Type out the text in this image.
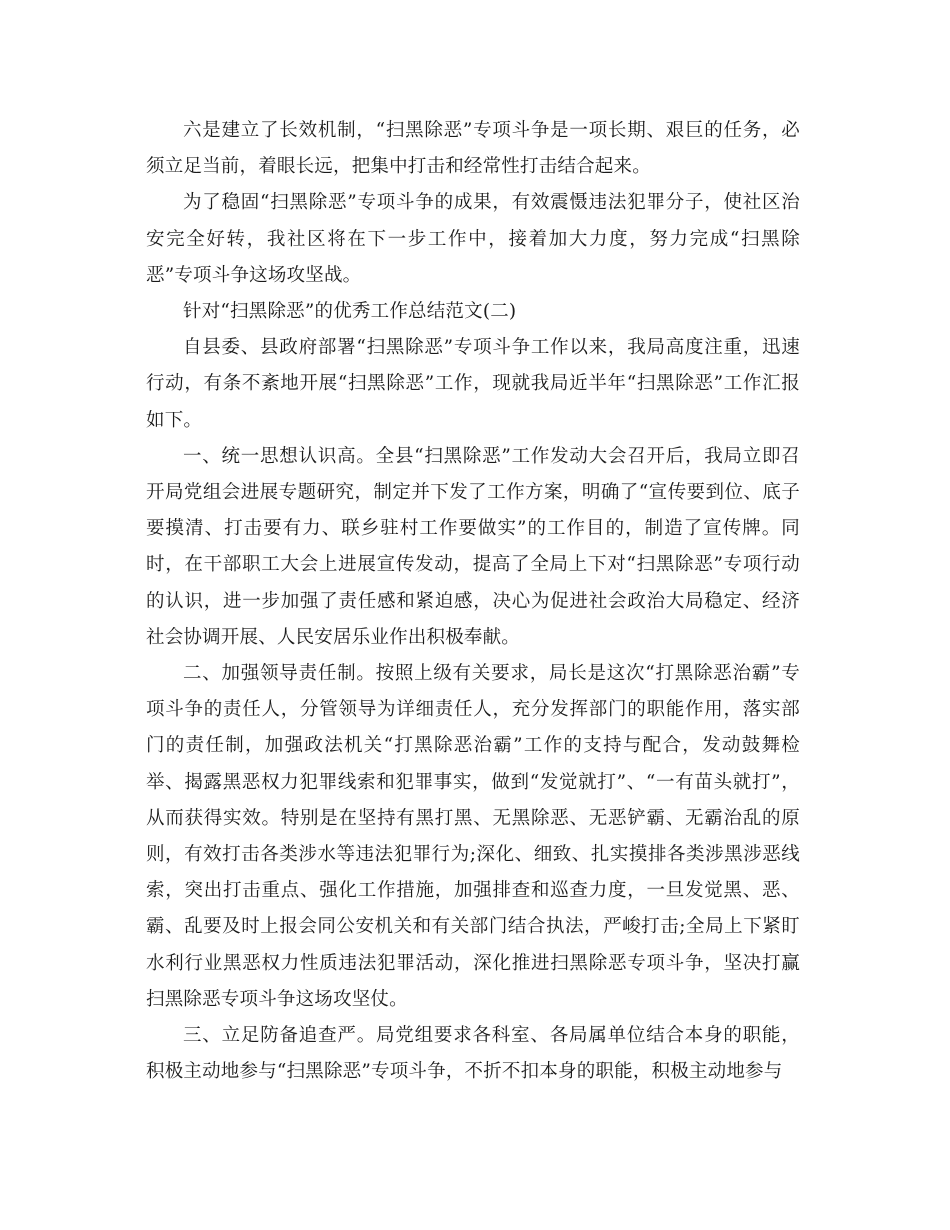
六是建立了长效机制，“扫黑除恶”专项斗争是一项长期、艰巨的任务，必须立足当前，着眼长远，把集中打击和经常性打击结合起来。

为了稳固“扫黑除恶”专项斗争的成果，有效震慑违法犯罪分子，使社区治安完全好转，我社区将在下一步工作中，接着加大力度，努力完成“扫黑除恶”专项斗争这场攻坚战。

针对“扫黑除恶”的优秀工作总结范文(二)

自县委、县政府部署“扫黑除恶”专项斗争工作以来，我局高度注重，迅速行动，有条不紊地开展“扫黑除恶”工作，现就我局近半年“扫黑除恶”工作汇报如下。

一、统一思想认识高。全县“扫黑除恶”工作发动大会召开后，我局立即召开局党组会进展专题研究，制定并下发了工作方案，明确了“宣传要到位、底子要摸清、打击要有力、联乡驻村工作要做实”的工作目的，制造了宣传牌。同时，在干部职工大会上进展宣传发动，提高了全局上下对“扫黑除恶”专项行动的认识，进一步加强了责任感和紧迫感，决心为促进社会政治大局稳定、经济社会协调开展、人民安居乐业作出积极奉献。

二、加强领导责任制。按照上级有关要求，局长是这次“打黑除恶治霸”专项斗争的责任人，分管领导为详细责任人，充分发挥部门的职能作用，落实部门的责任制，加强政法机关“打黑除恶治霸”工作的支持与配合，发动鼓舞检举、揭露黑恶权力犯罪线索和犯罪事实，做到“发觉就打”、“一有苗头就打”，从而获得实效。特别是在坚持有黑打黑、无黑除恶、无恶铲霸、无霸治乱的原则，有效打击各类涉水等违法犯罪行为;深化、细致、扎实摸排各类涉黑涉恶线索，突出打击重点、强化工作措施，加强排查和巡查力度，一旦发觉黑、恶、霸、乱要及时上报会同公安机关和有关部门结合执法，严峻打击;全局上下紧盯水利行业黑恶权力性质违法犯罪活动，深化推进扫黑除恶专项斗争，坚决打赢扫黑除恶专项斗争这场攻坚仗。

三、立足防备追查严。局党组要求各科室、各局属单位结合本身的职能，积极主动地参与“扫黑除恶”专项斗争，不折不扣本身的职能，积极主动地参与
